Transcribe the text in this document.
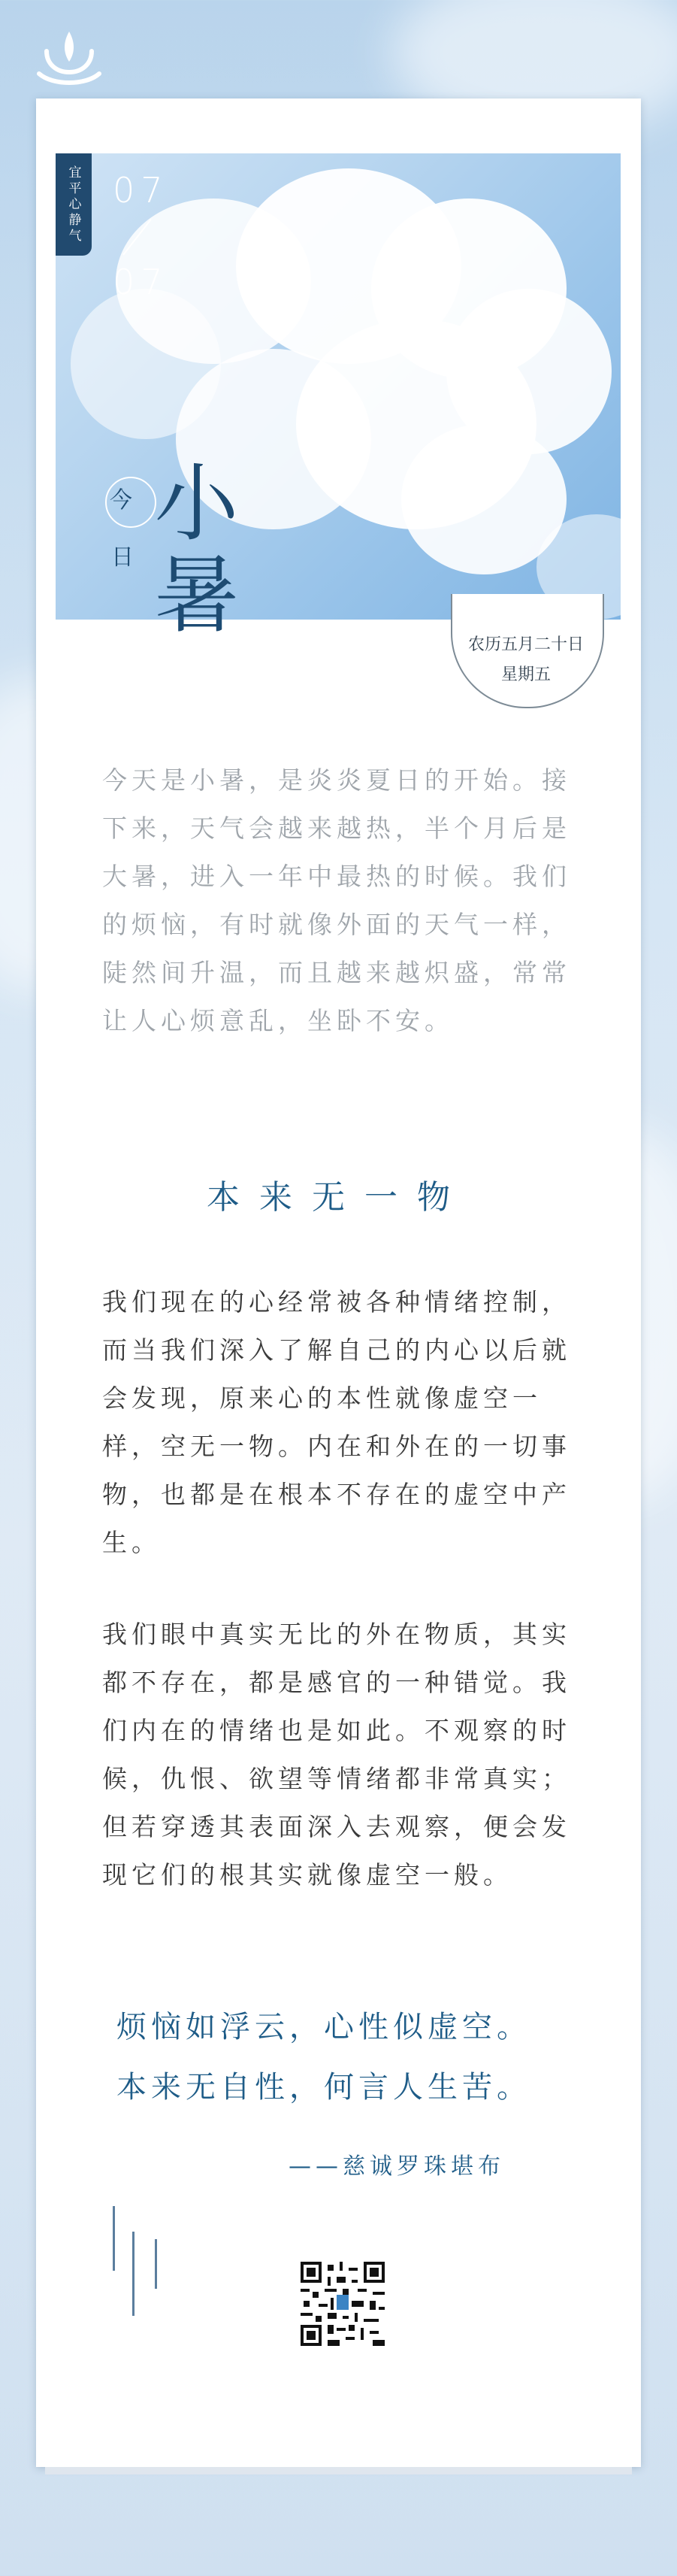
宜平心静气 07
07
今
日 小暑
农历五月二十日
星期五
今天是小暑，是炎炎夏日的开始。接下来，天气会越来越热，半个月后是大暑，进入一年中最热的时候。我们的烦恼，有时就像外面的天气一样，陡然间升温，而且越来越炽盛，常常让人心烦意乱，坐卧不安。
本来无一物
我们现在的心经常被各种情绪控制，而当我们深入了解自己的内心以后就会发现，原来心的本性就像虚空一样，空无一物。内在和外在的一切事物，也都是在根本不存在的虚空中产生。
我们眼中真实无比的外在物质，其实都不存在，都是感官的一种错觉。我们内在的情绪也是如此。不观察的时候，仇恨、欲望等情绪都非常真实；但若穿透其表面深入去观察，便会发现它们的根其实就像虚空一般。
烦恼如浮云，心性似虚空。
本来无自性，何言人生苦。
——慈诚罗珠堪布
